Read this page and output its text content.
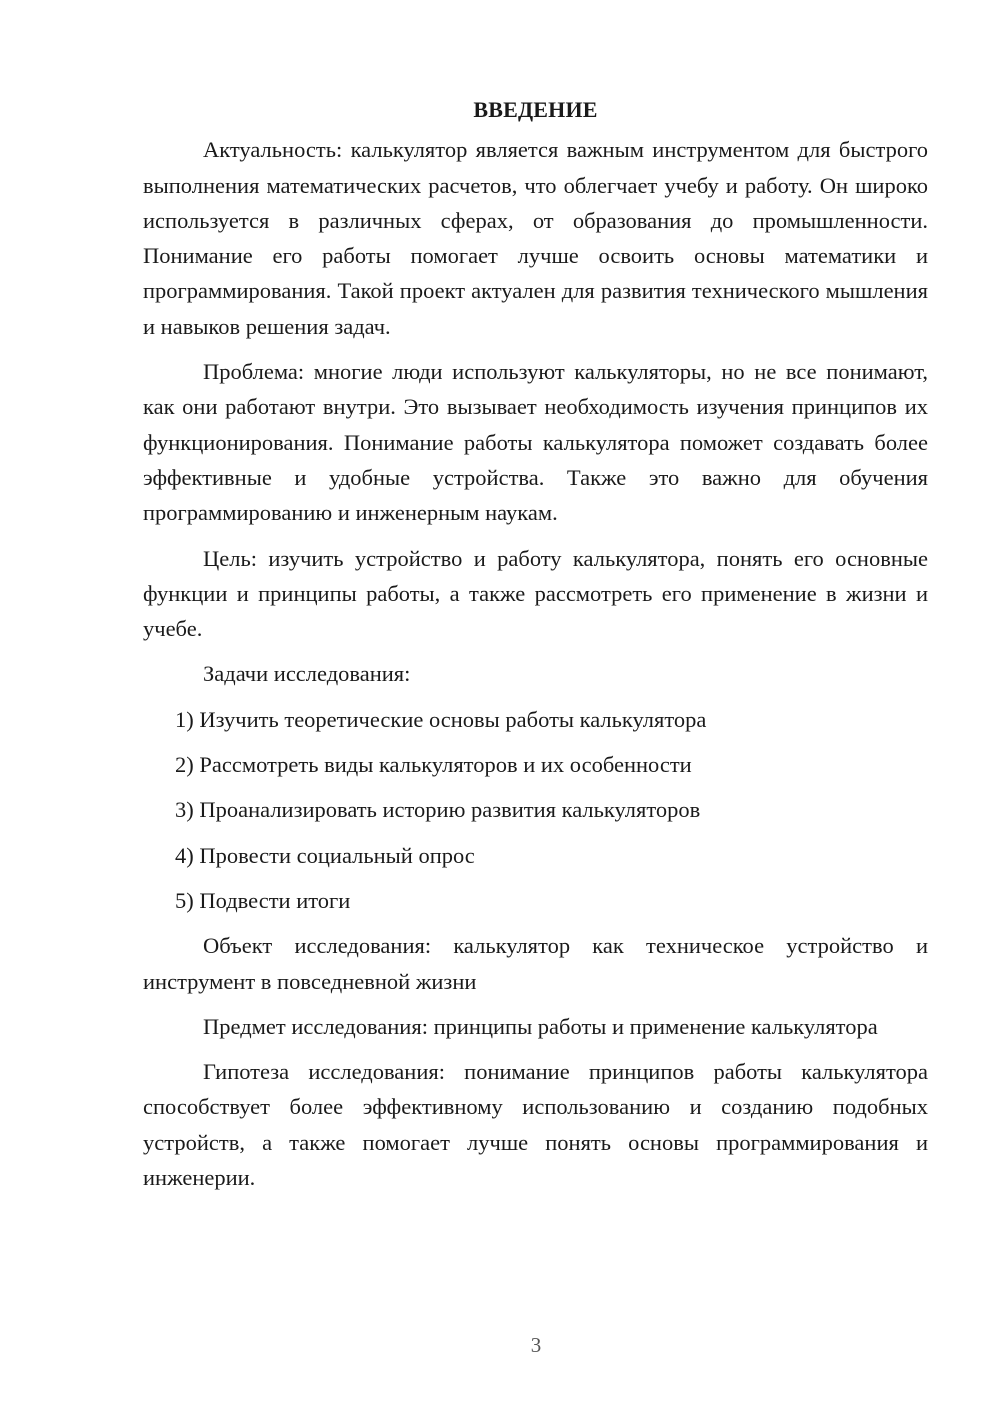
ВВЕДЕНИЕ

Актуальность: калькулятор является важным инструментом для быстрого выполнения математических расчетов, что облегчает учебу и работу. Он широко используется в различных сферах, от образования до промышленности. Понимание его работы помогает лучше освоить основы математики и программирования. Такой проект актуален для развития технического мышления и навыков решения задач.

Проблема: многие люди используют калькуляторы, но не все понимают, как они работают внутри. Это вызывает необходимость изучения принципов их функционирования. Понимание работы калькулятора поможет создавать более эффективные и удобные устройства. Также это важно для обучения программированию и инженерным наукам.

Цель: изучить устройство и работу калькулятора, понять его основные функции и принципы работы, а также рассмотреть его применение в жизни и учебе.

Задачи исследования:

1) Изучить теоретические основы работы калькулятора
2) Рассмотреть виды калькуляторов и их особенности
3) Проанализировать историю развития калькуляторов
4) Провести социальный опрос
5) Подвести итоги

Объект исследования: калькулятор как техническое устройство и инструмент в повседневной жизни

Предмет исследования: принципы работы и применение калькулятора

Гипотеза исследования: понимание принципов работы калькулятора способствует более эффективному использованию и созданию подобных устройств, а также помогает лучше понять основы программирования и инженерии.

3
